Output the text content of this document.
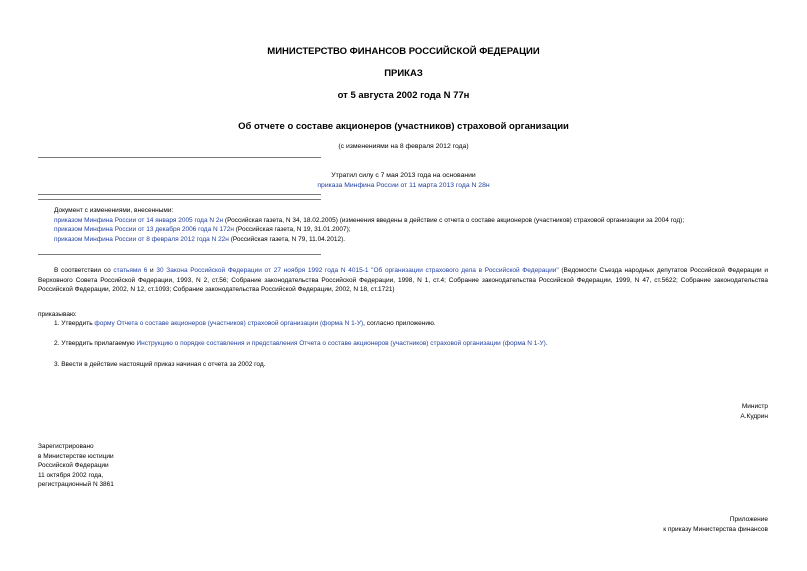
МИНИСТЕРСТВО ФИНАНСОВ РОССИЙСКОЙ ФЕДЕРАЦИИ
ПРИКАЗ
от 5 августа 2002 года N 77н
Об отчете о составе акционеров (участников) страховой организации
(с изменениями на 8 февраля 2012 года)
Утратил силу с 7 мая 2013 года на основании
приказа Минфина России от 11 марта 2013 года N 28н

Документ с изменениями, внесенными:

приказом Минфина России от 14 января 2005 года N 2н (Российская газета, N 34, 18.02.2005) (изменения введены в действие с отчета о составе акционеров (участников) страховой организации за 2004 год);

приказом Минфина России от 13 декабря 2006 года N 172н (Российская газета, N 19, 31.01.2007);

приказом Минфина России от 8 февраля 2012 года N 22н (Российская газета, N 79, 11.04.2012).

В соответствии со статьями 6 и 30 Закона Российской Федерации от 27 ноября 1992 года N 4015-1 "Об организации страхового дела в Российской Федерации" (Ведомости Съезда народных депутатов Российской Федерации и Верховного Совета Российской Федерации, 1993, N 2, ст.56; Собрание законодательства Российской Федерации, 1998, N 1, ст.4; Собрание законодательства Российской Федерации, 1999, N 47, ст.5622; Собрание законодательства Российской Федерации, 2002, N 12, ст.1093; Собрание законодательства Российской Федерации, 2002, N 18, ст.1721)
приказываю:
1. Утвердить форму Отчета о составе акционеров (участников) страховой организации (форма N 1-У), согласно приложению.
2. Утвердить прилагаемую Инструкцию о порядке составления и представления Отчета о составе акционеров (участников) страховой организации (форма N 1-У).
3. Ввести в действие настоящий приказ начиная с отчета за 2002 год.

Министр

А.Кудрин

Зарегистрировано

в Министерстве юстиции

Российской Федерации

11 октября 2002 года,

регистрационный N 3861

Приложение

к приказу Министерства финансов
